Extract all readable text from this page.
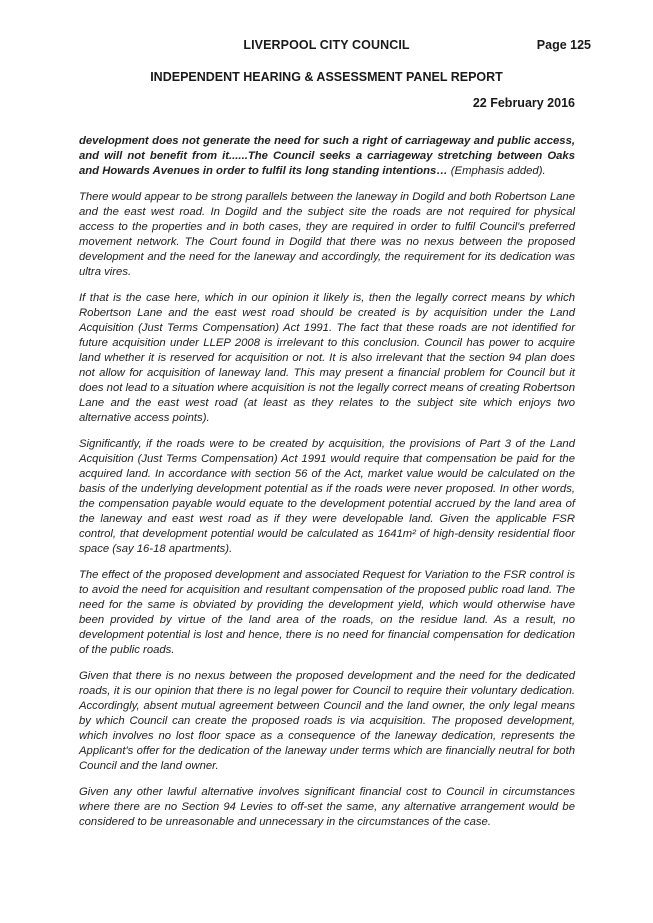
LIVERPOOL CITY COUNCIL	Page 125
INDEPENDENT HEARING & ASSESSMENT PANEL REPORT
22 February 2016

development does not generate the need for such a right of carriageway and public access, and will not benefit from it......The Council seeks a carriageway stretching between Oaks and Howards Avenues in order to fulfil its long standing intentions… (Emphasis added).

There would appear to be strong parallels between the laneway in Dogild and both Robertson Lane and the east west road. In Dogild and the subject site the roads are not required for physical access to the properties and in both cases, they are required in order to fulfil Council's preferred movement network. The Court found in Dogild that there was no nexus between the proposed development and the need for the laneway and accordingly, the requirement for its dedication was ultra vires.

If that is the case here, which in our opinion it likely is, then the legally correct means by which Robertson Lane and the east west road should be created is by acquisition under the Land Acquisition (Just Terms Compensation) Act 1991. The fact that these roads are not identified for future acquisition under LLEP 2008 is irrelevant to this conclusion. Council has power to acquire land whether it is reserved for acquisition or not. It is also irrelevant that the section 94 plan does not allow for acquisition of laneway land. This may present a financial problem for Council but it does not lead to a situation where acquisition is not the legally correct means of creating Robertson Lane and the east west road (at least as they relates to the subject site which enjoys two alternative access points).

Significantly, if the roads were to be created by acquisition, the provisions of Part 3 of the Land Acquisition (Just Terms Compensation) Act 1991 would require that compensation be paid for the acquired land. In accordance with section 56 of the Act, market value would be calculated on the basis of the underlying development potential as if the roads were never proposed. In other words, the compensation payable would equate to the development potential accrued by the land area of the laneway and east west road as if they were developable land. Given the applicable FSR control, that development potential would be calculated as 1641m² of high-density residential floor space (say 16-18 apartments).

The effect of the proposed development and associated Request for Variation to the FSR control is to avoid the need for acquisition and resultant compensation of the proposed public road land. The need for the same is obviated by providing the development yield, which would otherwise have been provided by virtue of the land area of the roads, on the residue land. As a result, no development potential is lost and hence, there is no need for financial compensation for dedication of the public roads.

Given that there is no nexus between the proposed development and the need for the dedicated roads, it is our opinion that there is no legal power for Council to require their voluntary dedication. Accordingly, absent mutual agreement between Council and the land owner, the only legal means by which Council can create the proposed roads is via acquisition. The proposed development, which involves no lost floor space as a consequence of the laneway dedication, represents the Applicant's offer for the dedication of the laneway under terms which are financially neutral for both Council and the land owner.

Given any other lawful alternative involves significant financial cost to Council in circumstances where there are no Section 94 Levies to off-set the same, any alternative arrangement would be considered to be unreasonable and unnecessary in the circumstances of the case.
